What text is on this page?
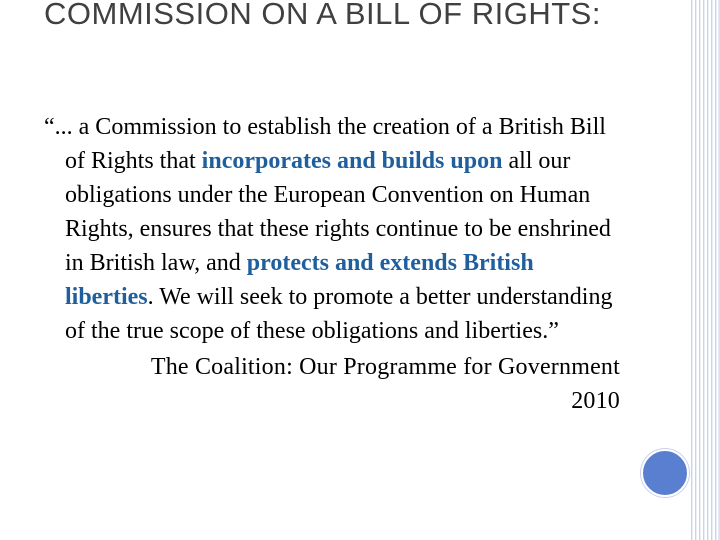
COMMISSION ON A BILL OF RIGHTS:

“... a Commission to establish the creation of a British Bill of Rights that incorporates and builds upon all our obligations under the European Convention on Human Rights, ensures that these rights continue to be enshrined in British law, and protects and extends British liberties. We will seek to promote a better understanding of the true scope of these obligations and liberties.”

The Coalition: Our Programme for Government
2010
